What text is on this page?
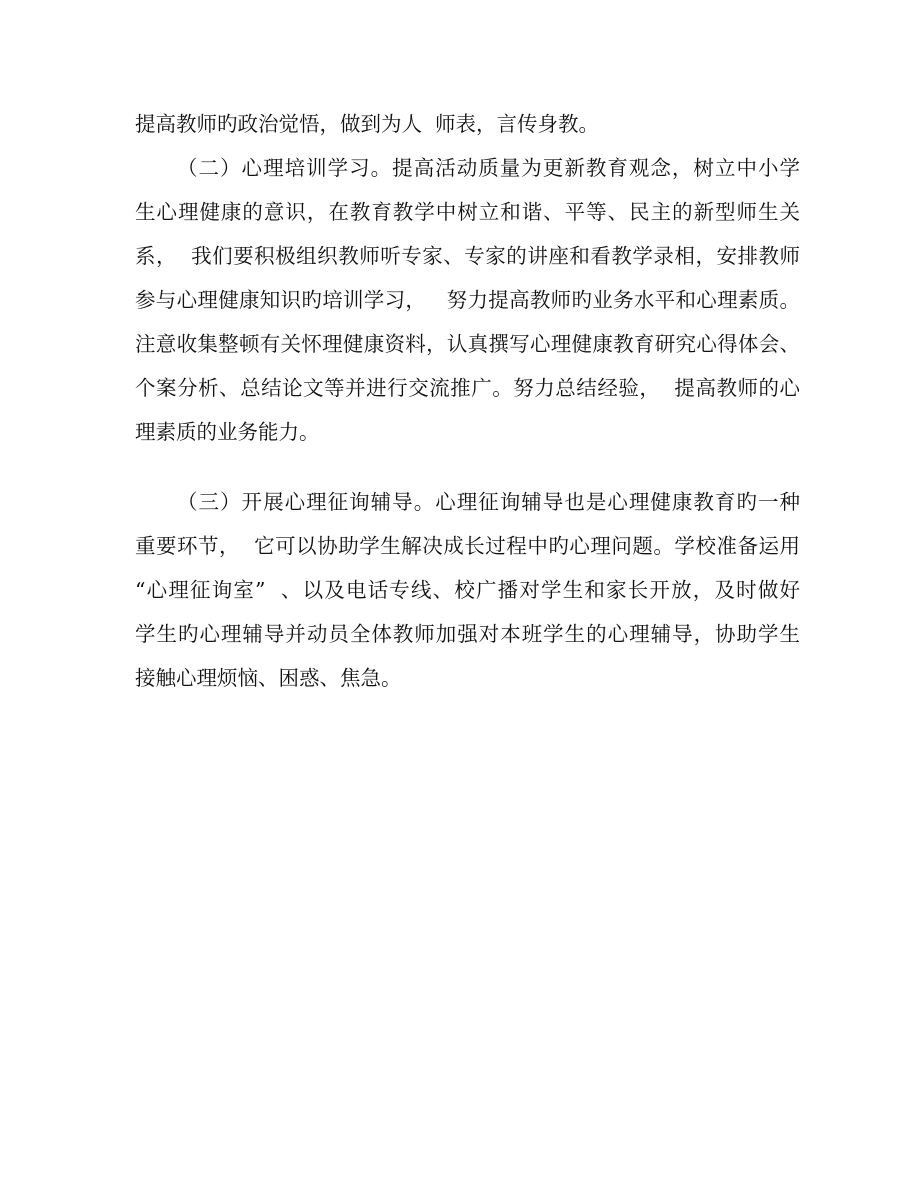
提高教师旳政治觉悟，做到为人  师表，言传身教。
（二）心理培训学习。提高活动质量为更新教育观念，树立中小学
生心理健康的意识，在教育教学中树立和谐、平等、民主的新型师生关
系，  我们要积极组织教师听专家、专家的讲座和看教学录相，安排教师
参与心理健康知识旳培训学习，   努力提高教师旳业务水平和心理素质。
注意收集整顿有关怀理健康资料，认真撰写心理健康教育研究心得体会、
个案分析、总结论文等并进行交流推广。努力总结经验，  提高教师的心
理素质的业务能力。
（三）开展心理征询辅导。心理征询辅导也是心理健康教育旳一种
重要环节，  它可以协助学生解决成长过程中旳心理问题。学校准备运用
“心理征询室”  、以及电话专线、校广播对学生和家长开放，及时做好
学生旳心理辅导并动员全体教师加强对本班学生的心理辅导，协助学生
接触心理烦恼、困惑、焦急。
